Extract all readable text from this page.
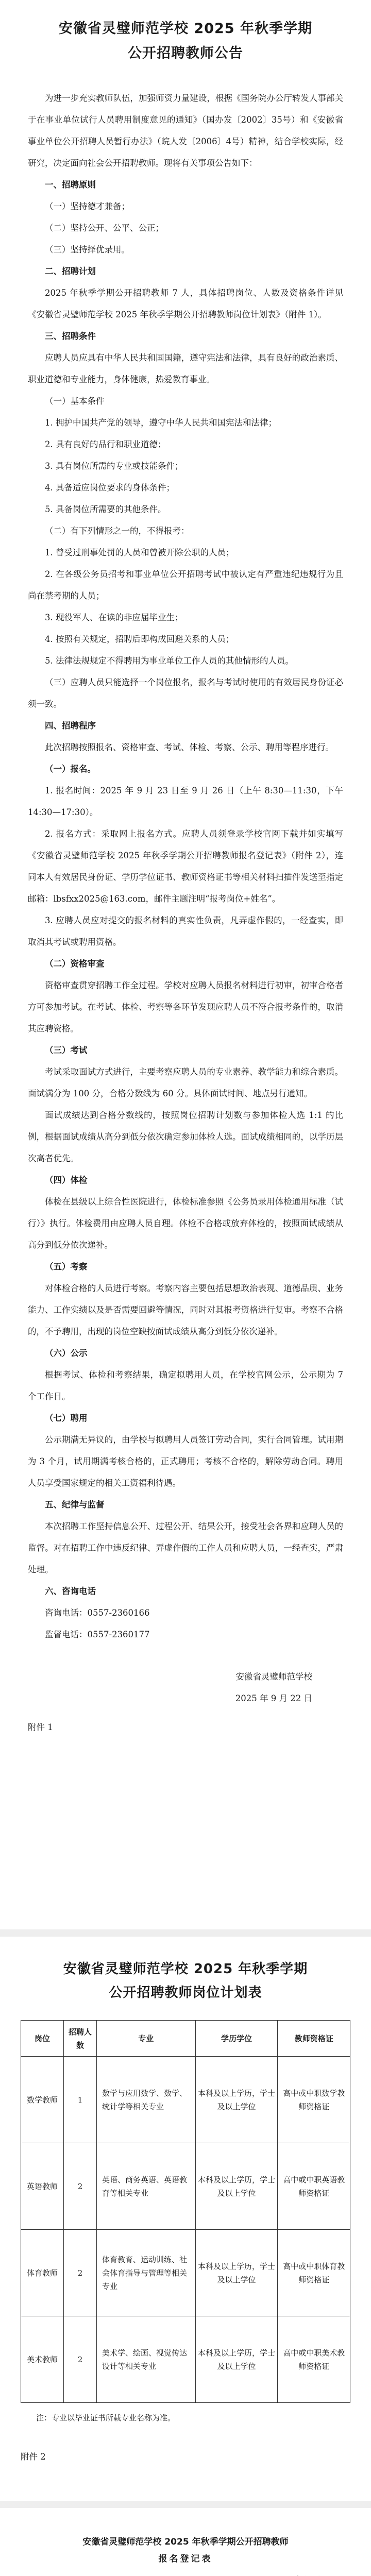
安徽省灵璧师范学校 2025 年秋季学期
公开招聘教师公告

为进一步充实教师队伍，加强师资力量建设，根据《国务院办公厅转发人事部关于在事业单位试行人员聘用制度意见的通知》（国办发〔2002〕35号）和《安徽省事业单位公开招聘人员暂行办法》（皖人发〔2006〕4号）精神，结合学校实际，经研究，决定面向社会公开招聘教师。现将有关事项公告如下：

一、招聘原则

（一）坚持德才兼备；

（二）坚持公开、公平、公正；

（三）坚持择优录用。

二、招聘计划

2025 年秋季学期公开招聘教师 7 人，具体招聘岗位、人数及资格条件详见《安徽省灵璧师范学校 2025 年秋季学期公开招聘教师岗位计划表》（附件 1）。

三、招聘条件

应聘人员应具有中华人民共和国国籍，遵守宪法和法律，具有良好的政治素质、职业道德和专业能力，身体健康，热爱教育事业。

（一）基本条件

1. 拥护中国共产党的领导，遵守中华人民共和国宪法和法律；

2. 具有良好的品行和职业道德；

3. 具有岗位所需的专业或技能条件；

4. 具备适应岗位要求的身体条件；

5. 具备岗位所需要的其他条件。

（二）有下列情形之一的，不得报考：

1. 曾受过刑事处罚的人员和曾被开除公职的人员；

2. 在各级公务员招考和事业单位公开招聘考试中被认定有严重违纪违规行为且尚在禁考期的人员；

3. 现役军人、在读的非应届毕业生；

4. 按照有关规定，招聘后即构成回避关系的人员；

5. 法律法规规定不得聘用为事业单位工作人员的其他情形的人员。

（三）应聘人员只能选择一个岗位报名，报名与考试时使用的有效居民身份证必须一致。

四、招聘程序

此次招聘按照报名、资格审查、考试、体检、考察、公示、聘用等程序进行。

（一）报名。

1. 报名时间：2025 年 9 月 23 日至 9 月 26 日（上午 8:30—11:30，下午 14:30—17:30）。

2. 报名方式：采取网上报名方式。应聘人员须登录学校官网下载并如实填写《安徽省灵璧师范学校 2025 年秋季学期公开招聘教师报名登记表》（附件 2），连同本人有效居民身份证、学历学位证书、教师资格证书等相关材料扫描件发送至指定邮箱：lbsfxx2025@163.com，邮件主题注明“报考岗位+姓名”。

3. 应聘人员应对提交的报名材料的真实性负责，凡弄虚作假的，一经查实，即取消其考试或聘用资格。

（二）资格审查

资格审查贯穿招聘工作全过程。学校对应聘人员报名材料进行初审，初审合格者方可参加考试。在考试、体检、考察等各环节发现应聘人员不符合报考条件的，取消其应聘资格。

（三）考试

考试采取面试方式进行，主要考察应聘人员的专业素养、教学能力和综合素质。面试满分为 100 分，合格分数线为 60 分。具体面试时间、地点另行通知。

面试成绩达到合格分数线的，按照岗位招聘计划数与参加体检人选 1:1 的比例，根据面试成绩从高分到低分依次确定参加体检人选。面试成绩相同的，以学历层次高者优先。

（四）体检

体检在县级以上综合性医院进行，体检标准参照《公务员录用体检通用标准（试行）》执行。体检费用由应聘人员自理。体检不合格或放弃体检的，按照面试成绩从高分到低分依次递补。

（五）考察

对体检合格的人员进行考察。考察内容主要包括思想政治表现、道德品质、业务能力、工作实绩以及是否需要回避等情况，同时对其报考资格进行复审。考察不合格的，不予聘用，出现的岗位空缺按面试成绩从高分到低分依次递补。

（六）公示

根据考试、体检和考察结果，确定拟聘用人员，在学校官网公示，公示期为 7 个工作日。

（七）聘用

公示期满无异议的，由学校与拟聘用人员签订劳动合同，实行合同管理。试用期为 3 个月，试用期满考核合格的，正式聘用；考核不合格的，解除劳动合同。聘用人员享受国家规定的相关工资福利待遇。

五、纪律与监督

本次招聘工作坚持信息公开、过程公开、结果公开，接受社会各界和应聘人员的监督。对在招聘工作中违反纪律、弄虚作假的工作人员和应聘人员，一经查实，严肃处理。

六、咨询电话

咨询电话：0557-2360166

监督电话：0557-2360177

安徽省灵璧师范学校

2025 年 9 月 22 日

附件 1

安徽省灵璧师范学校 2025 年秋季学期
公开招聘教师岗位计划表
岗位	招聘人数	专业	学历学位	教师资格证
数学教师	1	数学与应用数学、数学、统计学等相关专业	本科及以上学历，学士及以上学位	高中或中职数学教师资格证
英语教师	2	英语、商务英语、英语教育等相关专业	本科及以上学历，学士及以上学位	高中或中职英语教师资格证
体育教师	2	体育教育、运动训练、社会体育指导与管理等相关专业	本科及以上学历，学士及以上学位	高中或中职体育教师资格证
美术教师	2	美术学、绘画、视觉传达设计等相关专业	本科及以上学历，学士及以上学位	高中或中职美术教师资格证

注：专业以毕业证书所载专业名称为准。

附件 2

安徽省灵璧师范学校 2025 年秋季学期公开招聘教师
报名登记表
